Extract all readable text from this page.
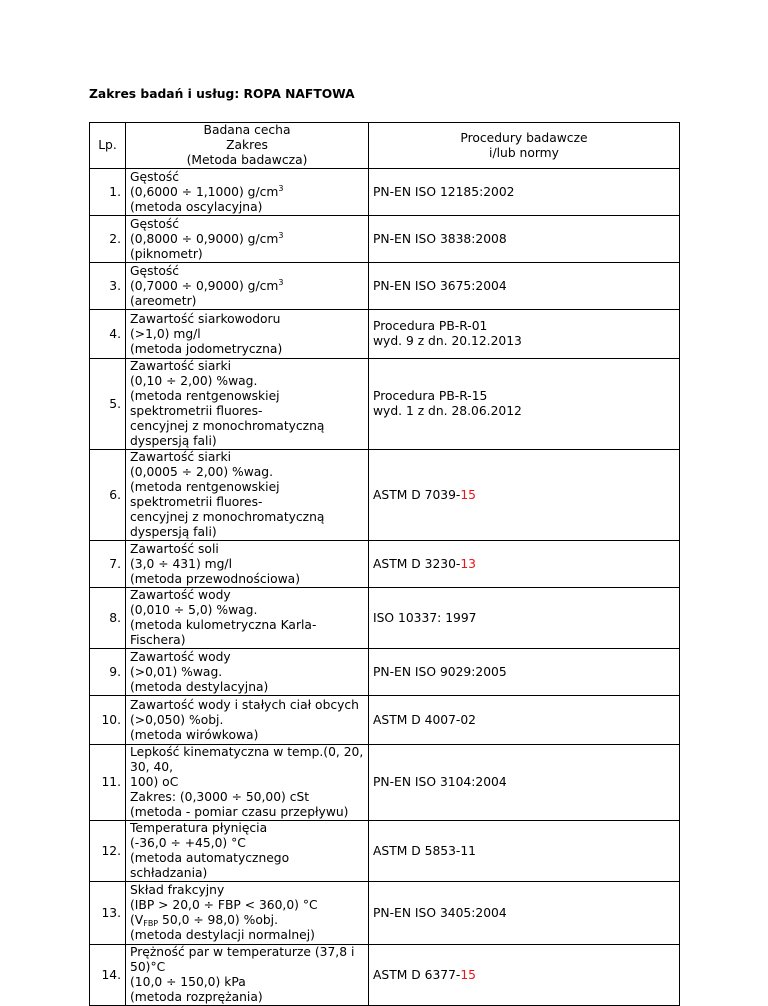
Zakres badań i usług: ROPA NAFTOWA
Lp.	Badana cecha
Zakres
(Metoda badawcza)	Procedury badawcze
i/lub normy

1.	Gęstość
(0,6000 ÷ 1,1000) $g/cm^3$
(metoda oscylacyjna)	PN-EN ISO 12185:2002
2.	Gęstość
(0,8000 ÷ 0,9000) $g/cm^3$
(piknometr)	PN-EN ISO 3838:2008
3.	Gęstość
(0,7000 ÷ 0,9000) $g/cm^3$
(areometr)	PN-EN ISO 3675:2004
4.	Zawartość siarkowodoru
(>1,0) mg/l
(metoda jodometryczna)	Procedura PB-R-01
wyd. 9 z dn. 20.12.2013

5.	Zawartość siarki
(0,10 ÷ 2,00) %wag.
(metoda rentgenowskiej spektrometrii fluores-
cencyjnej z monochromatyczną dyspersją fali)	Procedura PB-R-15
wyd. 1 z dn. 28.06.2012

6.	Zawartość siarki
(0,0005 ÷ 2,00) %wag.
(metoda rentgenowskiej spektrometrii fluores-
cencyjnej z monochromatyczną dyspersją fali)	ASTM D 7039-15
7.	Zawartość soli
(3,0 ÷ 431) mg/l
(metoda przewodnościowa)	ASTM D 3230-13
8.	Zawartość wody
(0,010 ÷ 5,0) %wag.
(metoda kulometryczna Karla-Fischera)	ISO 10337: 1997
9.	Zawartość wody
(>0,01) %wag.
(metoda destylacyjna)	PN-EN ISO 9029:2005
10.	Zawartość wody i stałych ciał obcych
(>0,050) %obj.
(metoda wirówkowa)	ASTM D 4007-02
11.	Lepkość kinematyczna w temp.(0, 20, 30, 40,
100) oC
Zakres: (0,3000 ÷ 50,00) cSt
(metoda - pomiar czasu przepływu)	PN-EN ISO 3104:2004
12.	Temperatura płynięcia
(-36,0 ÷ +45,0) °C
(metoda automatycznego schładzania)	ASTM D 5853-11
13.	Skład frakcyjny
(IBP > 20,0 ÷ FBP < 360,0) °C
($V_{FBP}$ 50,0 ÷ 98,0) %obj.
(metoda destylacji normalnej)	PN-EN ISO 3405:2004
14.	Prężność par w temperaturze (37,8 i 50)°C
(10,0 ÷ 150,0) kPa
(metoda rozprężania)	ASTM D 6377-15
